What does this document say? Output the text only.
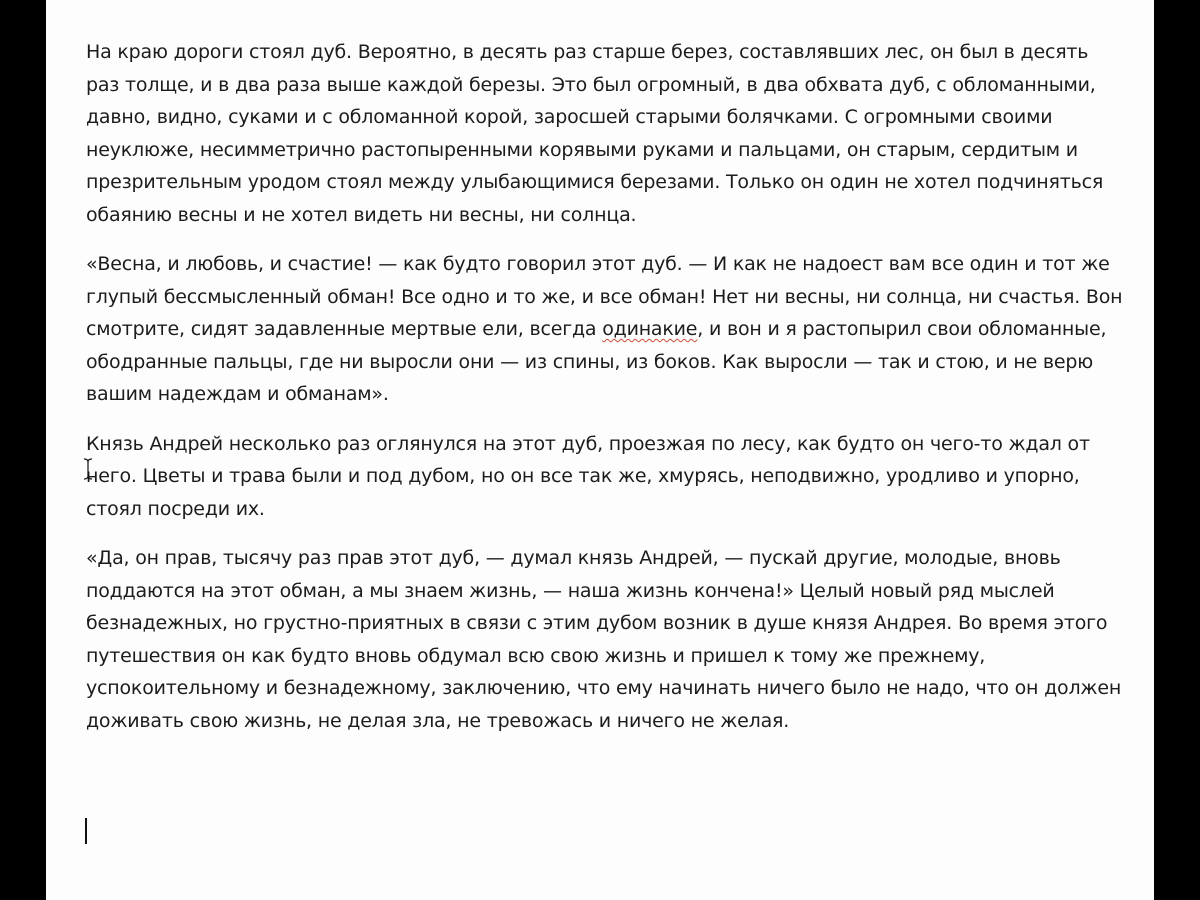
На краю дороги стоял дуб. Вероятно, в десять раз старше берез, составлявших лес, он был в десять раз толще, и в два раза выше каждой березы. Это был огромный, в два обхвата дуб, с обломанными, давно, видно, суками и с обломанной корой, заросшей старыми болячками. С огромными своими неуклюже, несимметрично растопыренными корявыми руками и пальцами, он старым, сердитым и презрительным уродом стоял между улыбающимися березами. Только он один не хотел подчиняться обаянию весны и не хотел видеть ни весны, ни солнца.

«Весна, и любовь, и счастие! — как будто говорил этот дуб. — И как не надоест вам все один и тот же глупый бессмысленный обман! Все одно и то же, и все обман! Нет ни весны, ни солнца, ни счастья. Вон смотрите, сидят задавленные мертвые ели, всегда одинакие, и вон и я растопырил свои обломанные, ободранные пальцы, где ни выросли они — из спины, из боков. Как выросли — так и стою, и не верю вашим надеждам и обманам».

Князь Андрей несколько раз оглянулся на этот дуб, проезжая по лесу, как будто он чего-то ждал от него. Цветы и трава были и под дубом, но он все так же, хмурясь, неподвижно, уродливо и упорно, стоял посреди их.

«Да, он прав, тысячу раз прав этот дуб, — думал князь Андрей, — пускай другие, молодые, вновь поддаются на этот обман, а мы знаем жизнь, — наша жизнь кончена!» Целый новый ряд мыслей безнадежных, но грустно-приятных в связи с этим дубом возник в душе князя Андрея. Во время этого путешествия он как будто вновь обдумал всю свою жизнь и пришел к тому же прежнему, успокоительному и безнадежному, заключению, что ему начинать ничего было не надо, что он должен доживать свою жизнь, не делая зла, не тревожась и ничего не желая.
